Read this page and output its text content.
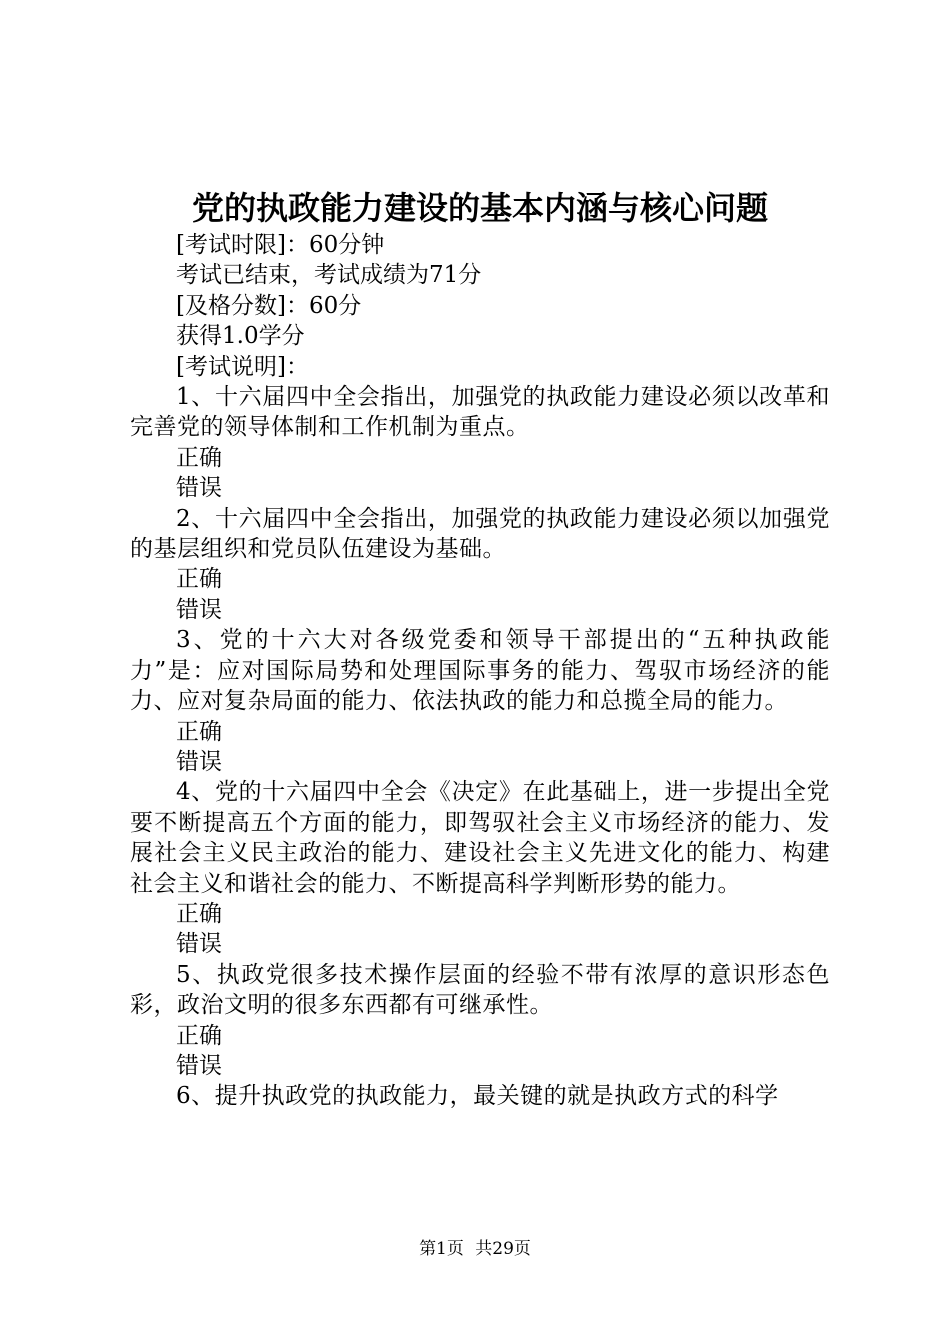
党的执政能力建设的基本内涵与核心问题
[考试时限]：60分钟
考试已结束，考试成绩为71分
[及格分数]：60分
获得1.0学分
[考试说明]：
1、十六届四中全会指出，加强党的执政能力建设必须以改革和完善党的领导体制和工作机制为重点。
正确
错误
2、十六届四中全会指出，加强党的执政能力建设必须以加强党的基层组织和党员队伍建设为基础。
正确
错误
3、党的十六大对各级党委和领导干部提出的“五种执政能力”是：应对国际局势和处理国际事务的能力、驾驭市场经济的能力、应对复杂局面的能力、依法执政的能力和总揽全局的能力。
正确
错误
4、党的十六届四中全会《决定》在此基础上，进一步提出全党要不断提高五个方面的能力，即驾驭社会主义市场经济的能力、发展社会主义民主政治的能力、建设社会主义先进文化的能力、构建社会主义和谐社会的能力、不断提高科学判断形势的能力。
正确
错误
5、执政党很多技术操作层面的经验不带有浓厚的意识形态色彩，政治文明的很多东西都有可继承性。
正确
错误
6、提升执政党的执政能力，最关键的就是执政方式的科学
第1页 共29页
